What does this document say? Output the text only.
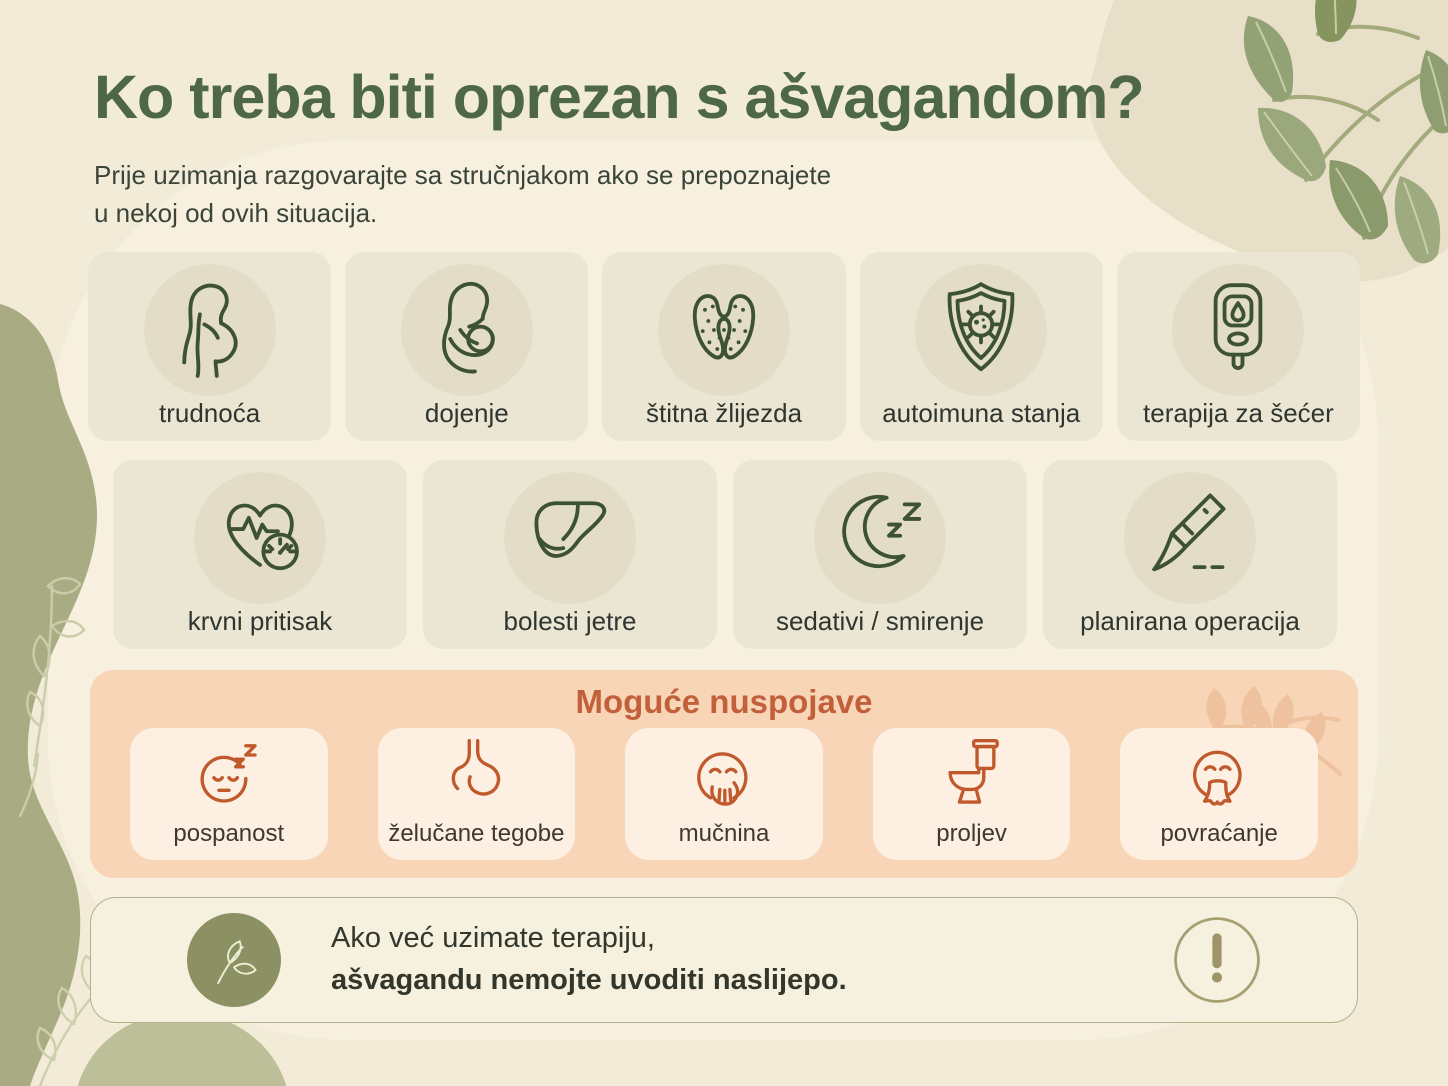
Ko treba biti oprezan s ašvagandom?
Prije uzimanja razgovarajte sa stručnjakom ako se prepoznajete
u nekoj od ovih situacija.
trudnoća	dojenje	štitna žlijezda	autoimuna stanja terapija za šećer
krvni pritisak	bolesti jetre	sedativi / smirenje	planirana operacija
Moguće nuspojave
pospanost	želučane tegobe	mučnina	proljev	povraćanje
Ako već uzimate terapiju,
ašvagandu nemojte uvoditi naslijepo.
